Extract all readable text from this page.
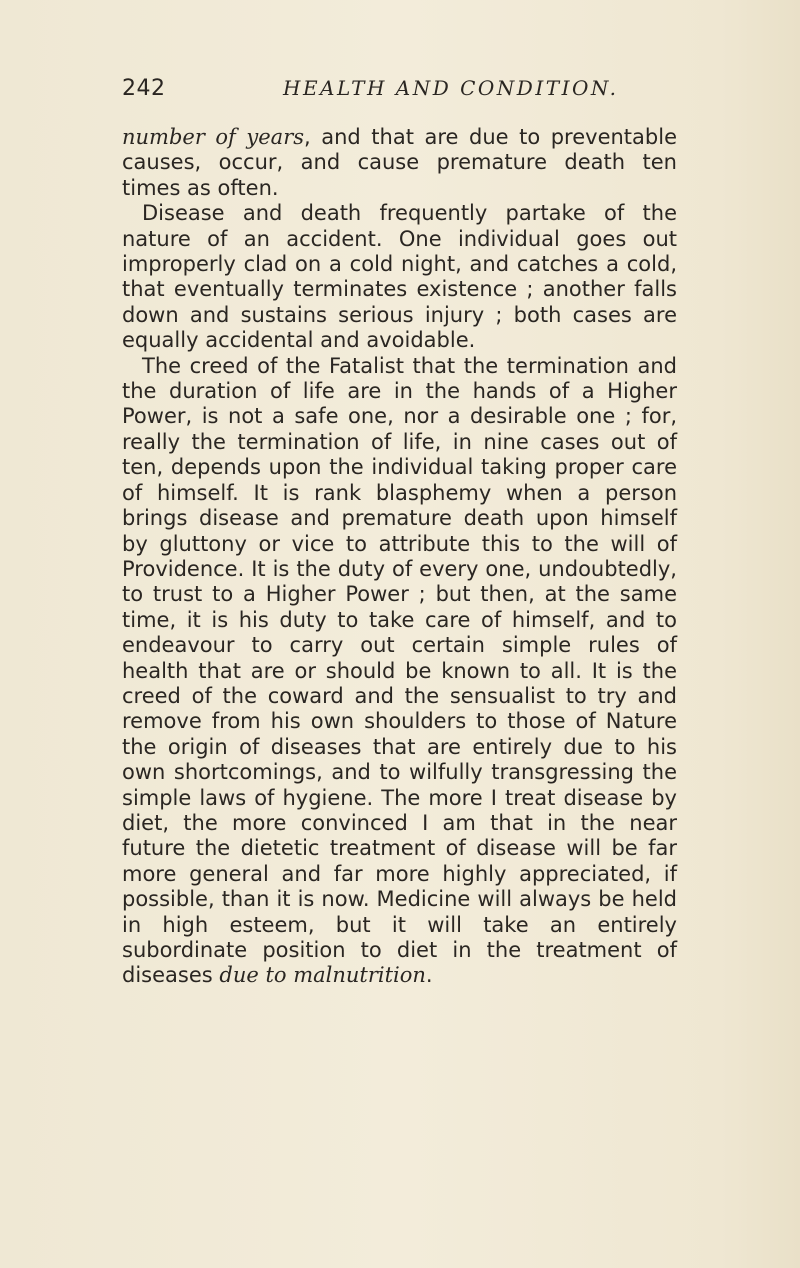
242	HEALTH AND CONDITION.

number of years, and that are due to preventable causes, occur, and cause premature death ten times as often.

Disease and death frequently partake of the nature of an accident. One individual goes out improperly clad on a cold night, and catches a cold, that eventually terminates existence ; another falls down and sustains serious injury ; both cases are equally accidental and avoidable.

The creed of the Fatalist that the termination and the duration of life are in the hands of a Higher Power, is not a safe one, nor a desirable one ; for, really the termination of life, in nine cases out of ten, depends upon the individual taking proper care of himself. It is rank blasphemy when a person brings disease and premature death upon himself by gluttony or vice to attribute this to the will of Providence. It is the duty of every one, undoubtedly, to trust to a Higher Power ; but then, at the same time, it is his duty to take care of himself, and to endeavour to carry out certain simple rules of health that are or should be known to all. It is the creed of the coward and the sensualist to try and remove from his own shoulders to those of Nature the origin of diseases that are entirely due to his own shortcomings, and to wilfully transgressing the simple laws of hygiene. The more I treat disease by diet, the more convinced I am that in the near future the dietetic treatment of disease will be far more general and far more highly appreciated, if possible, than it is now. Medicine will always be held in high esteem, but it will take an entirely subordinate position to diet in the treatment of diseases due to malnutrition.
